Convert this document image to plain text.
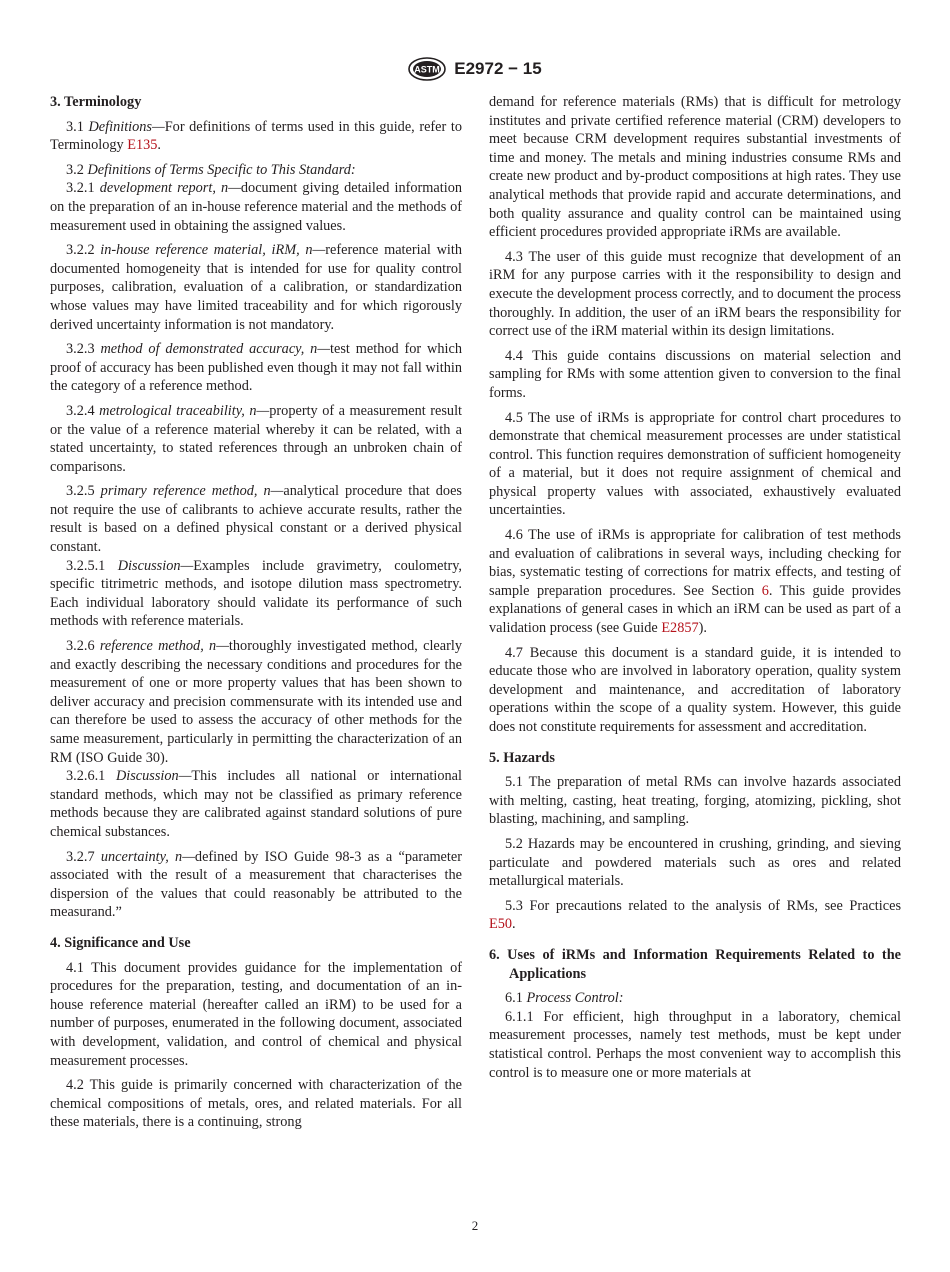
ASTM E2972 − 15
3. Terminology

3.1 Definitions—For definitions of terms used in this guide, refer to Terminology E135.

3.2 Definitions of Terms Specific to This Standard:

3.2.1 development report, n—document giving detailed information on the preparation of an in-house reference material and the methods of measurement used in obtaining the assigned values.

3.2.2 in-house reference material, iRM, n—reference material with documented homogeneity that is intended for use for quality control purposes, calibration, evaluation of a calibration, or standardization whose values may have limited traceability and for which rigorously derived uncertainty information is not mandatory.

3.2.3 method of demonstrated accuracy, n—test method for which proof of accuracy has been published even though it may not fall within the category of a reference method.

3.2.4 metrological traceability, n—property of a measurement result or the value of a reference material whereby it can be related, with a stated uncertainty, to stated references through an unbroken chain of comparisons.

3.2.5 primary reference method, n—analytical procedure that does not require the use of calibrants to achieve accurate results, rather the result is based on a defined physical constant or a derived physical constant.

3.2.5.1 Discussion—Examples include gravimetry, coulometry, specific titrimetric methods, and isotope dilution mass spectrometry. Each individual laboratory should validate its performance of such methods with reference materials.

3.2.6 reference method, n—thoroughly investigated method, clearly and exactly describing the necessary conditions and procedures for the measurement of one or more property values that has been shown to deliver accuracy and precision commensurate with its intended use and can therefore be used to assess the accuracy of other methods for the same measurement, particularly in permitting the characterization of an RM (ISO Guide 30).

3.2.6.1 Discussion—This includes all national or international standard methods, which may not be classified as primary reference methods because they are calibrated against standard solutions of pure chemical substances.

3.2.7 uncertainty, n—defined by ISO Guide 98-3 as a “parameter associated with the result of a measurement that characterises the dispersion of the values that could reasonably be attributed to the measurand.”

4. Significance and Use

4.1 This document provides guidance for the implementation of procedures for the preparation, testing, and documentation of an in-house reference material (hereafter called an iRM) to be used for a number of purposes, enumerated in the following document, associated with development, validation, and control of chemical and physical measurement processes.

4.2 This guide is primarily concerned with characterization of the chemical compositions of metals, ores, and related materials. For all these materials, there is a continuing, strong

demand for reference materials (RMs) that is difficult for metrology institutes and private certified reference material (CRM) developers to meet because CRM development requires substantial investments of time and money. The metals and mining industries consume RMs and create new product and by-product compositions at high rates. They use analytical methods that provide rapid and accurate determinations, and both quality assurance and quality control can be maintained using efficient procedures provided appropriate iRMs are available.

4.3 The user of this guide must recognize that development of an iRM for any purpose carries with it the responsibility to design and execute the development process correctly, and to document the process thoroughly. In addition, the user of an iRM bears the responsibility for correct use of the iRM material within its design limitations.

4.4 This guide contains discussions on material selection and sampling for RMs with some attention given to conversion to the final forms.

4.5 The use of iRMs is appropriate for control chart procedures to demonstrate that chemical measurement processes are under statistical control. This function requires demonstration of sufficient homogeneity of a material, but it does not require assignment of chemical and physical property values with associated, exhaustively evaluated uncertainties.

4.6 The use of iRMs is appropriate for calibration of test methods and evaluation of calibrations in several ways, including checking for bias, systematic testing of corrections for matrix effects, and testing of sample preparation procedures. See Section 6. This guide provides explanations of general cases in which an iRM can be used as part of a validation process (see Guide E2857).

4.7 Because this document is a standard guide, it is intended to educate those who are involved in laboratory operation, quality system development and maintenance, and accreditation of laboratory operations within the scope of a quality system. However, this guide does not constitute requirements for assessment and accreditation.

5. Hazards

5.1 The preparation of metal RMs can involve hazards associated with melting, casting, heat treating, forging, atomizing, pickling, shot blasting, machining, and sampling.

5.2 Hazards may be encountered in crushing, grinding, and sieving particulate and powdered materials such as ores and related metallurgical materials.

5.3 For precautions related to the analysis of RMs, see Practices E50.

6. Uses of iRMs and Information Requirements Related to the Applications

6.1 Process Control:

6.1.1 For efficient, high throughput in a laboratory, chemical measurement processes, namely test methods, must be kept under statistical control. Perhaps the most convenient way to accomplish this control is to measure one or more materials at

2
